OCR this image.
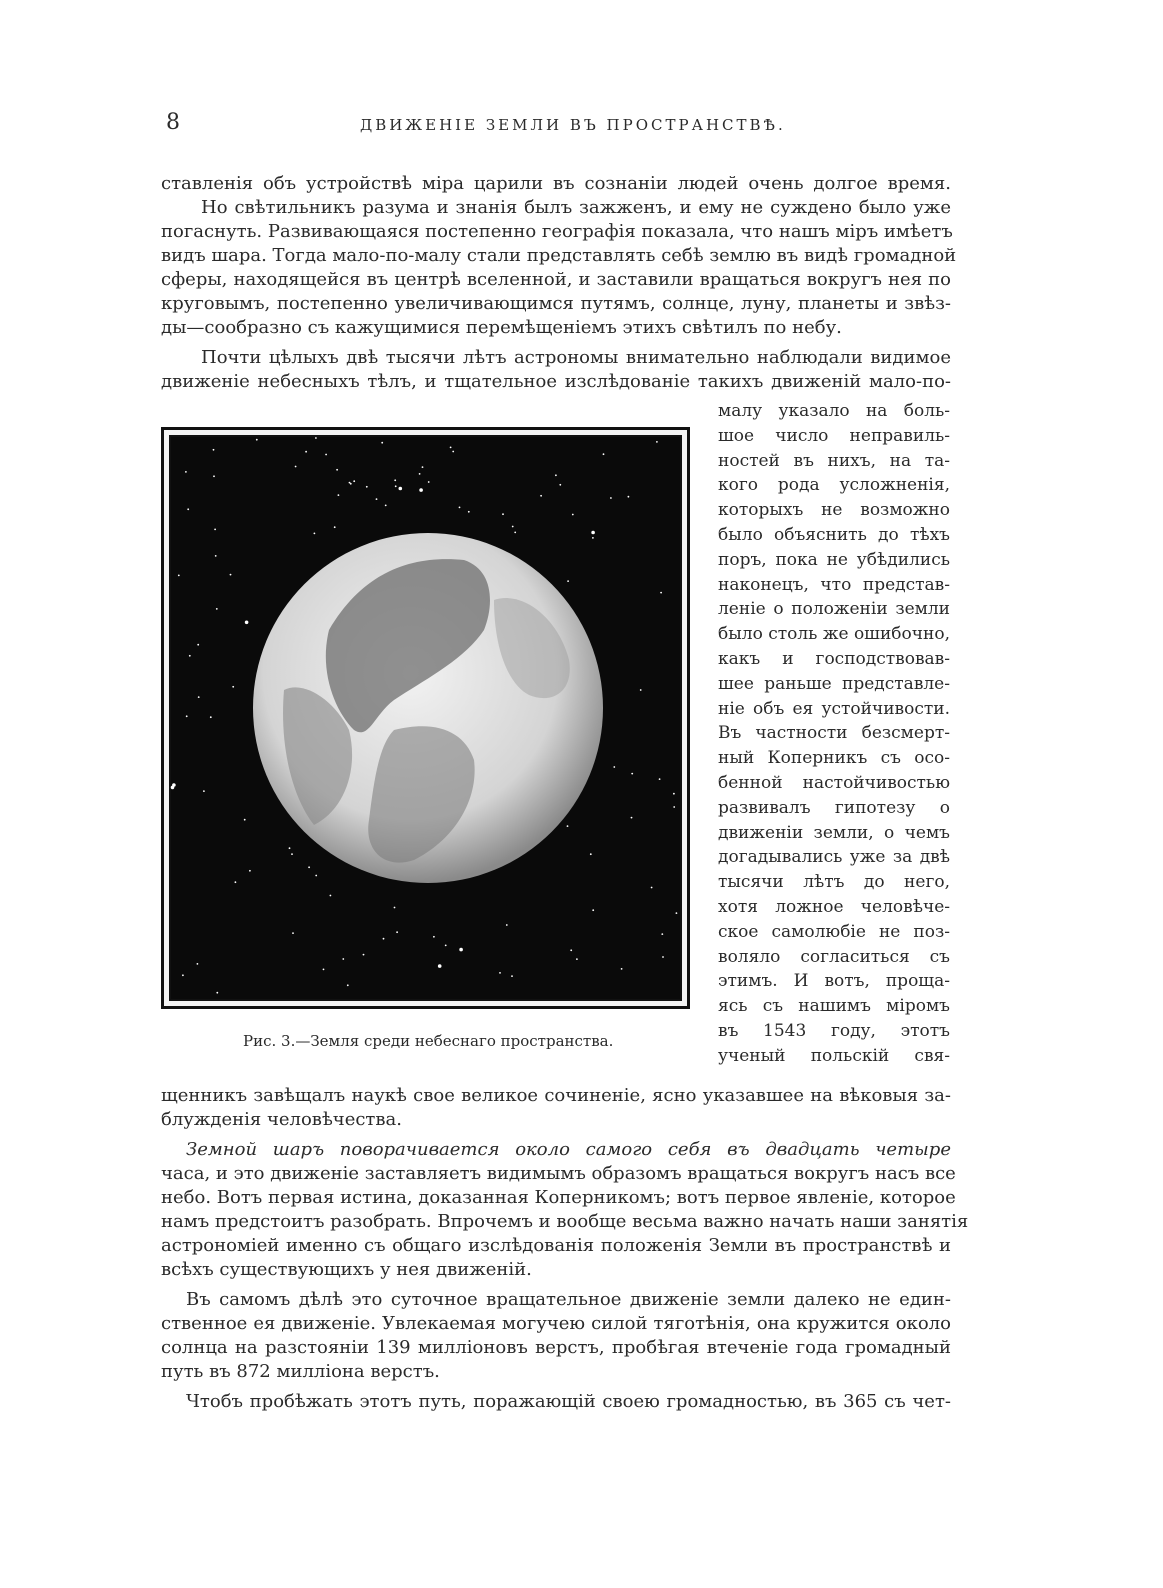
8	ДВИЖЕНІЕ ЗЕМЛИ ВЪ ПРОСТРАНСТВѢ.
ставленія объ устройствѣ міра царили въ сознаніи людей очень долгое время.
Но свѣтильникъ разума и знанія былъ зажженъ, и ему не суждено было уже
погаснуть. Развивающаяся постепенно географія показала, что нашъ міръ имѣетъ
видъ шара. Тогда мало-по-малу стали представлять себѣ землю въ видѣ громадной
сферы, находящейся въ центрѣ вселенной, и заставили вращаться вокругъ нея по
круговымъ, постепенно увеличивающимся путямъ, солнце, луну, планеты и звѣз-
ды—сообразно съ кажущимися перемѣщеніемъ этихъ свѣтилъ по небу.
Почти цѣлыхъ двѣ тысячи лѣтъ астрономы внимательно наблюдали видимое
движеніе небесныхъ тѣлъ, и тщательное изслѣдованіе такихъ движеній мало-по-
Рис. 3.—Земля среди небеснаго пространства.
малу указало на боль-
шое число неправиль-
ностей въ нихъ, на та-
кого рода усложненія,
которыхъ не возможно
было объяснить до тѣхъ
поръ, пока не убѣдились
наконецъ, что представ-
леніе о положеніи земли
было столь же ошибочно,
какъ и господствовав-
шее раньше представле-
ніе объ ея устойчивости.
Въ частности безсмерт-
ный Коперникъ съ осо-
бенной настойчивостью
развивалъ гипотезу о
движеніи земли, о чемъ
догадывались уже за двѣ
тысячи лѣтъ до него,
хотя ложное человѣче-
ское самолюбіе не поз-
воляло согласиться съ
этимъ. И вотъ, проща-
ясь съ нашимъ міромъ
въ 1543 году, этотъ
ученый польскій свя-
щенникъ завѣщалъ наукѣ свое великое сочиненіе, ясно указавшее на вѣковыя за-
блужденія человѣчества.
Земной шаръ поворачивается около самого себя въ двадцать четыре
часа, и это движеніе заставляетъ видимымъ образомъ вращаться вокругъ насъ все
небо. Вотъ первая истина, доказанная Коперникомъ; вотъ первое явленіе, которое
намъ предстоитъ разобрать. Впрочемъ и вообще весьма важно начать наши занятія
астрономіей именно съ общаго изслѣдованія положенія Земли въ пространствѣ и
всѣхъ существующихъ у нея движеній.
Въ самомъ дѣлѣ это суточное вращательное движеніе земли далеко не един-
ственное ея движеніе. Увлекаемая могучею силой тяготѣнія, она кружится около
солнца на разстояніи 139 милліоновъ верстъ, пробѣгая втеченіе года громадный
путь въ 872 милліона верстъ.
Чтобъ пробѣжать этотъ путь, поражающій своею громадностью, въ 365 съ чет-
